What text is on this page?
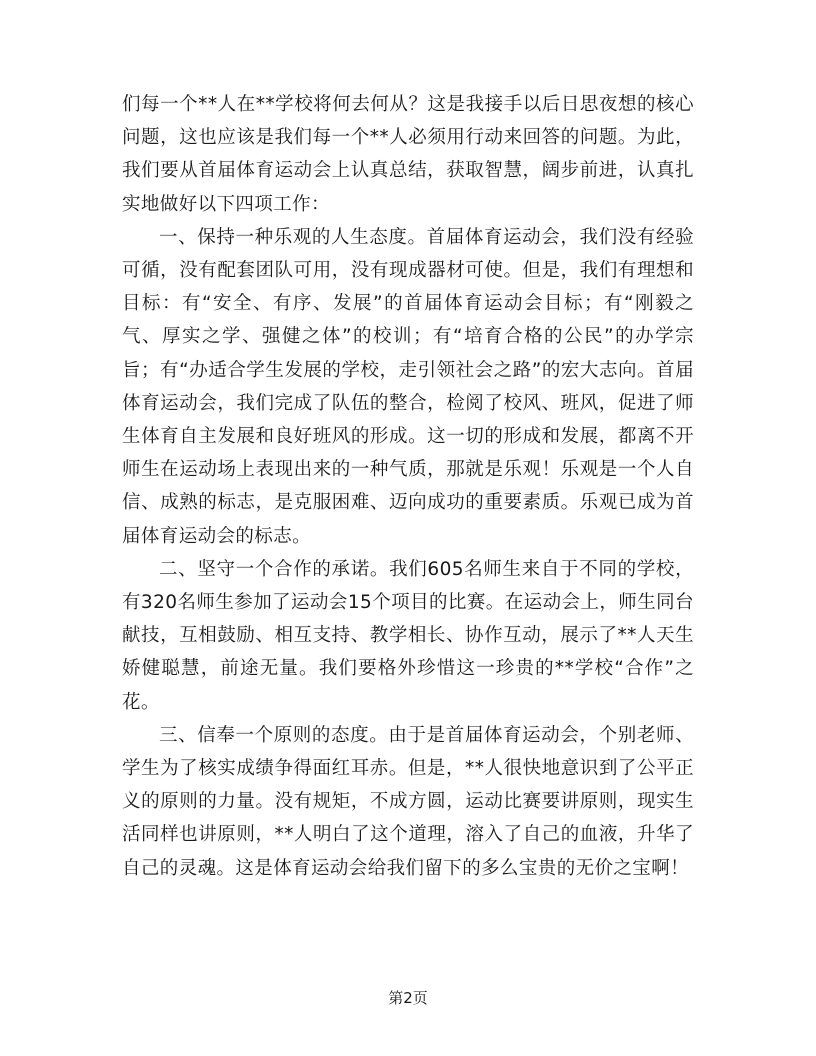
们每一个**人在**学校将何去何从？这是我接手以后日思夜想的核心问题，这也应该是我们每一个**人必须用行动来回答的问题。为此，我们要从首届体育运动会上认真总结，获取智慧，阔步前进，认真扎实地做好以下四项工作：

一、保持一种乐观的人生态度。首届体育运动会，我们没有经验可循，没有配套团队可用，没有现成器材可使。但是，我们有理想和目标：有“安全、有序、发展”的首届体育运动会目标；有“刚毅之气、厚实之学、强健之体”的校训；有“培育合格的公民”的办学宗旨；有“办适合学生发展的学校，走引领社会之路”的宏大志向。首届体育运动会，我们完成了队伍的整合，检阅了校风、班风，促进了师生体育自主发展和良好班风的形成。这一切的形成和发展，都离不开师生在运动场上表现出来的一种气质，那就是乐观！乐观是一个人自信、成熟的标志，是克服困难、迈向成功的重要素质。乐观已成为首届体育运动会的标志。

二、坚守一个合作的承诺。我们605名师生来自于不同的学校，有320名师生参加了运动会15个项目的比赛。在运动会上，师生同台献技，互相鼓励、相互支持、教学相长、协作互动，展示了**人天生娇健聪慧，前途无量。我们要格外珍惜这一珍贵的**学校“合作”之花。

三、信奉一个原则的态度。由于是首届体育运动会，个别老师、学生为了核实成绩争得面红耳赤。但是，**人很快地意识到了公平正义的原则的力量。没有规矩，不成方圆，运动比赛要讲原则，现实生活同样也讲原则，**人明白了这个道理，溶入了自己的血液，升华了自己的灵魂。这是体育运动会给我们留下的多么宝贵的无价之宝啊！

第2页
